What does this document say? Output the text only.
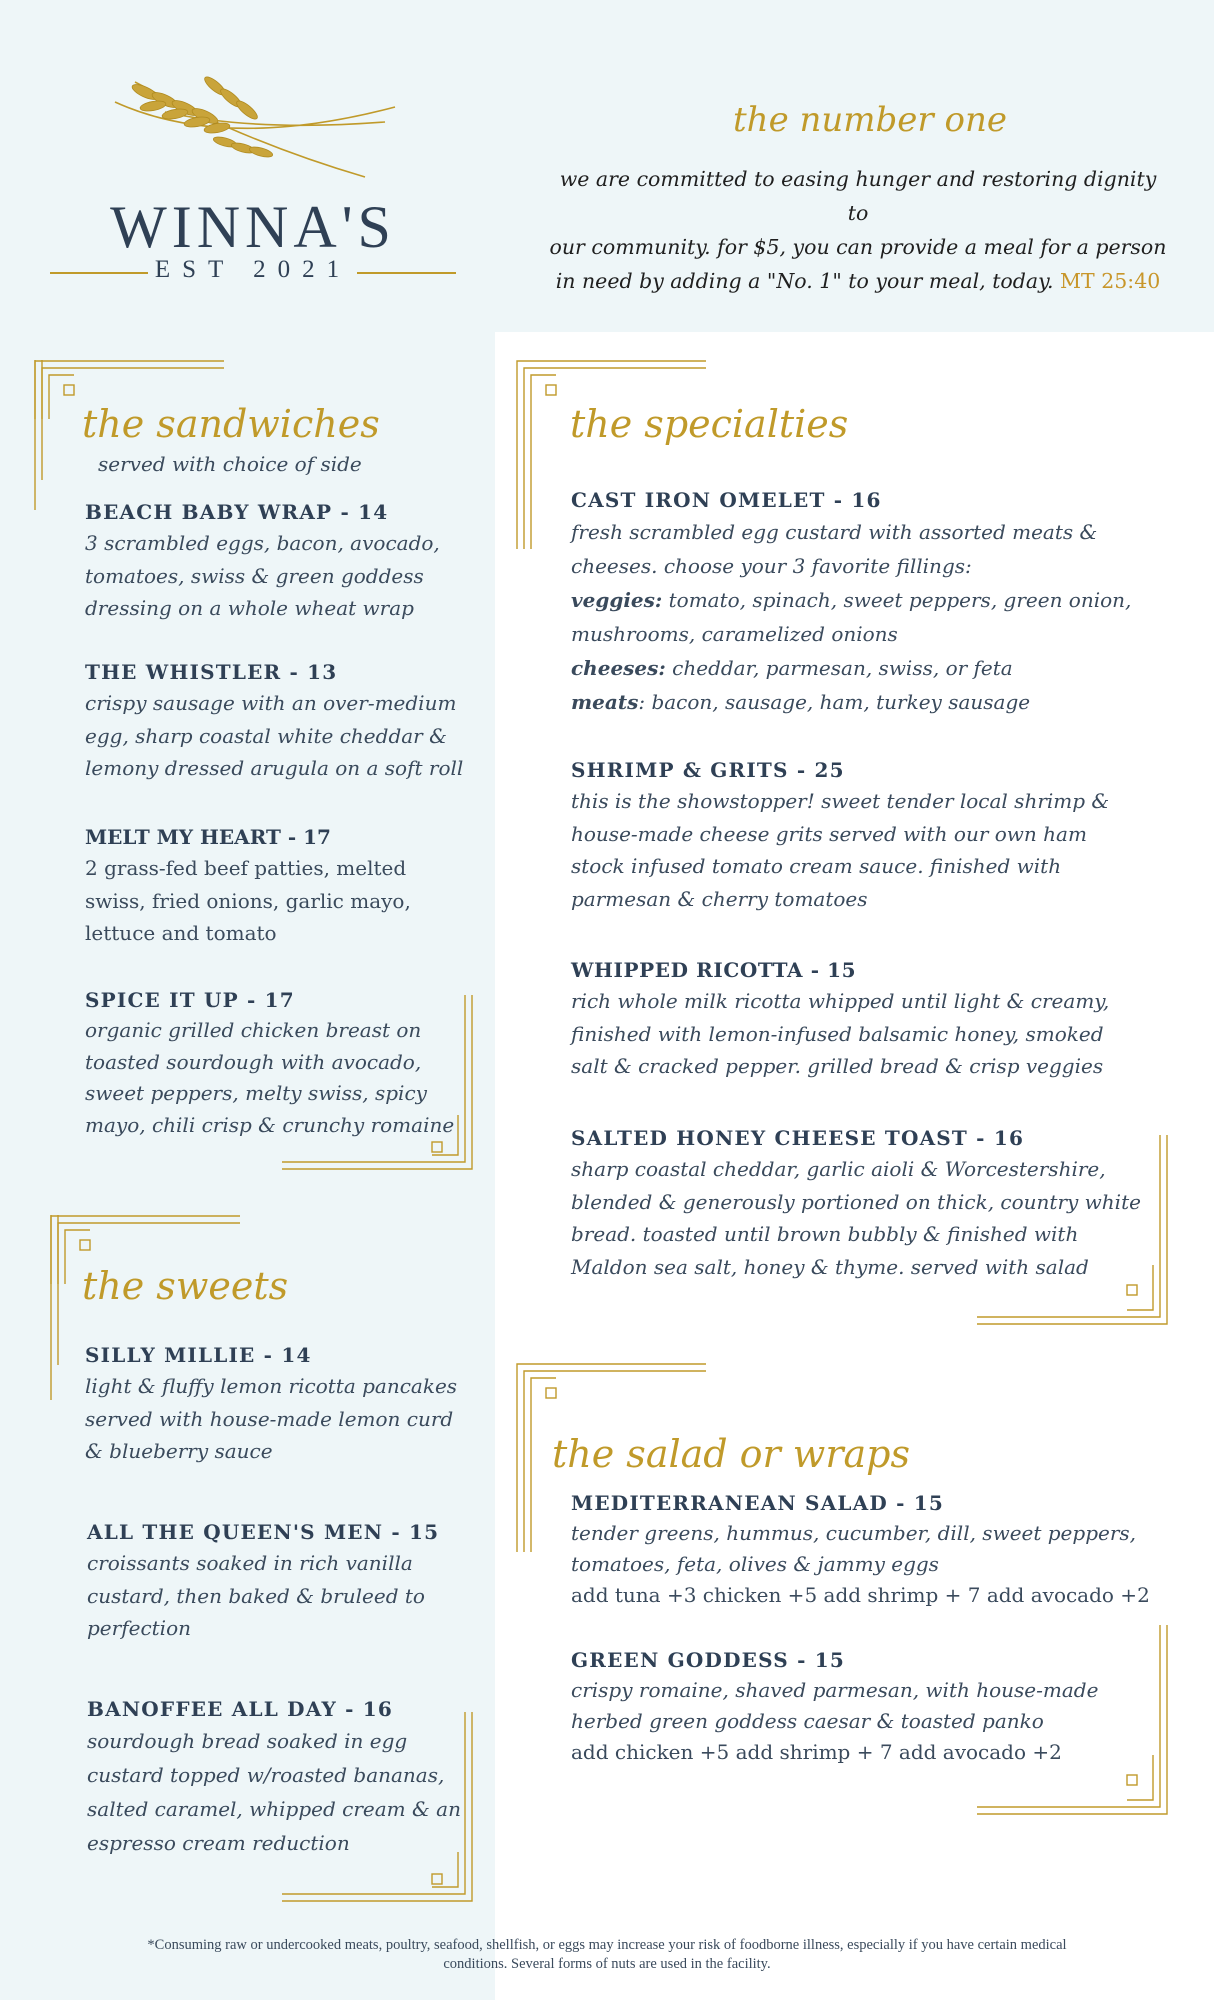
WINNA'S
EST 2021
the number one
we are committed to easing hunger and restoring dignity to
our community. for $5, you can provide a meal for a person
in need by adding a "No. 1" to your meal, today. MT 25:40
the sandwiches
served with choice of side
BEACH BABY WRAP - 14
3 scrambled eggs, bacon, avocado,
tomatoes, swiss & green goddess
dressing on a whole wheat wrap
THE WHISTLER - 13
crispy sausage with an over-medium
egg, sharp coastal white cheddar &
lemony dressed arugula on a soft roll
MELT MY HEART - 17
2 grass-fed beef patties, melted
swiss, fried onions, garlic mayo,
lettuce and tomato
SPICE IT UP - 17
organic grilled chicken breast on
toasted sourdough with avocado,
sweet peppers, melty swiss, spicy
mayo, chili crisp & crunchy romaine
the sweets
SILLY MILLIE - 14
light & fluffy lemon ricotta pancakes
served with house-made lemon curd
& blueberry sauce
ALL THE QUEEN'S MEN - 15
croissants soaked in rich vanilla
custard, then baked & bruleed to
perfection
BANOFFEE ALL DAY - 16
sourdough bread soaked in egg
custard topped w/roasted bananas,
salted caramel, whipped cream & an
espresso cream reduction
the specialties
CAST IRON OMELET - 16
fresh scrambled egg custard with assorted meats &
cheeses. choose your 3 favorite fillings:
veggies: tomato, spinach, sweet peppers, green onion,
mushrooms, caramelized onions
cheeses: cheddar, parmesan, swiss, or feta
meats: bacon, sausage, ham, turkey sausage
SHRIMP & GRITS - 25
this is the showstopper! sweet tender local shrimp &
house-made cheese grits served with our own ham
stock infused tomato cream sauce. finished with
parmesan & cherry tomatoes
WHIPPED RICOTTA - 15
rich whole milk ricotta whipped until light & creamy,
finished with lemon-infused balsamic honey, smoked
salt & cracked pepper. grilled bread & crisp veggies
SALTED HONEY CHEESE TOAST - 16
sharp coastal cheddar, garlic aioli & Worcestershire,
blended & generously portioned on thick, country white
bread. toasted until brown bubbly & finished with
Maldon sea salt, honey & thyme. served with salad
the salad or wraps
MEDITERRANEAN SALAD - 15
tender greens, hummus, cucumber, dill, sweet peppers,
tomatoes, feta, olives & jammy eggs
add tuna +3 chicken +5 add shrimp + 7 add avocado +2
GREEN GODDESS - 15
crispy romaine, shaved parmesan, with house-made
herbed green goddess caesar & toasted panko
add chicken +5 add shrimp + 7 add avocado +2
*Consuming raw or undercooked meats, poultry, seafood, shellfish, or eggs may increase your risk of foodborne illness, especially if you have certain medical
conditions. Several forms of nuts are used in the facility.
